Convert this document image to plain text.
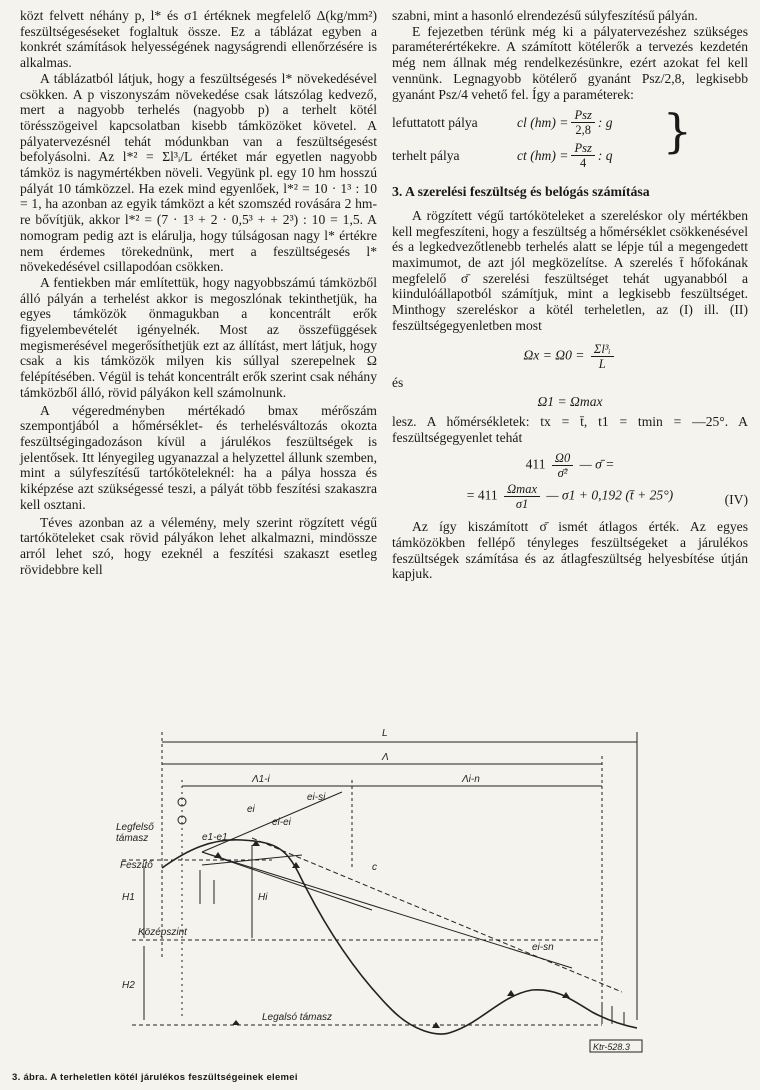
közt felvett néhány p, l* és σ1 értéknek megfelelő Δ(kg/mm²) feszültségeséseket foglaltuk össze. Ez a táblázat egyben a konkrét számítások helyességének nagyságrendi ellenőrzésére is alkalmas.

A táblázatból látjuk, hogy a feszültségesés l* növekedésével csökken. A p viszonyszám növekedése csak látszólag kedvező, mert a nagyobb terhelés (nagyobb p) a terhelt kötél törésszögeivel kapcsolatban kisebb támközöket követel. A pályatervezésnél tehát módunkban van a feszültségesést befolyásolni. Az l*² = Σl³ᵢ/L értéket már egyetlen nagyobb támköz is nagymértékben növeli. Vegyünk pl. egy 10 hm hosszú pályát 10 támközzel. Ha ezek mind egyenlőek, l*² = 10 · 1³ : 10 = 1, ha azonban az egyik támközt a két szomszéd rovására 2 hm-re bővítjük, akkor l*² = (7 · 1³ + 2 · 0,5³ + + 2³) : 10 = 1,5. A nomogram pedig azt is elárulja, hogy túlságosan nagy l* értékre nem érdemes törekednünk, mert a feszültségesés l* növekedésével csillapodóan csökken.

A fentiekben már említettük, hogy nagyobbszámú támközből álló pályán a terhelést akkor is megoszlónak tekinthetjük, ha egyes támközök önmagukban a koncentrált erők figyelembevételét igényelnék. Most az összefüggések megismerésével megerősíthetjük ezt az állítást, mert látjuk, hogy csak a kis támközök milyen kis súllyal szerepelnek Ω felépítésében. Végül is tehát koncentrált erők szerint csak néhány támközből álló, rövid pályákon kell számolnunk.

A végeredményben mértékadó bmax mérőszám szempontjából a hőmérséklet- és terhelésváltozás okozta feszültségingadozáson kívül a járulékos feszültségek is jelentősek. Itt lényegileg ugyanazzal a helyzettel állunk szemben, mint a súlyfeszítésű tartóköteleknél: ha a pálya hossza és kiképzése azt szükségessé teszi, a pályát több feszítési szakaszra kell osztani.

Téves azonban az a vélemény, mely szerint rögzített végű tartóköteleket csak rövid pályákon lehet alkalmazni, mindössze arról lehet szó, hogy ezeknél a feszítési szakaszt esetleg rövidebbre kell

szabni, mint a hasonló elrendezésű súlyfeszítésű pályán.

E fejezetben térünk még ki a pályatervezéshez szükséges paraméterértékekre. A számított kötélerők a tervezés kezdetén még nem állnak még rendelkezésünkre, ezért azokat fel kell vennünk. Legnagyobb kötélerő gyanánt Psz/2,8, legkisebb gyanánt Psz/4 vehető fel. Így a paraméterek:

lefuttatott pálya	cl $(hm) = \frac{\text{Psz}}{2,8}$ : g
terhelt pálya	ct $(hm) = \frac{\text{Psz}}{4}$ : q }
3. A szerelési feszültség és belógás számítása

A rögzített végű tartóköteleket a szereléskor oly mértékben kell megfeszíteni, hogy a feszültség a hőmérséklet csökkenésével és a legkedvezőtlenebb terhelés alatt se lépje túl a megengedett maximumot, de azt jól megközelítse. A szerelés t̄ hőfokának megfelelő σ̄ szerelési feszültséget tehát ugyanabból a kiindulóállapotból számítjuk, mint a legkisebb feszültséget. Minthogy szereléskor a kötél terheletlen, az (I) ill. (II) feszültségegyenletben most

$\Omega x = \Omega 0 = \frac{\text{Σl³ᵢ}}{L}$
és
Ω1 = Ωmax

lesz. A hőmérsékletek: tx = t̄, t1 = tmin = —25°. A feszültségegyenlet tehát

$411 \frac{\Omega 0}{\text{σ̄²}}$ — σ̄ =
= $411 \frac{\Omega\max}{\sigma 1}$ — σ1 + 0,192 (t̄ + 25°)	(IV)

Az így kiszámított σ̄ ismét átlagos érték. Az egyes támközökben fellépő tényleges feszültségeket a járulékos feszültségek számítása és az átlagfeszültség helyesbítése útján kapjuk.

L
Λ
Λ1-i	Λi-n
Legfelső támasz
Feszítő
Középszint
Legalsó támasz
H1
H2
Hi
e1-e1
ei-ei
ei
ei-si
c
ei-sn
Ktr-528.3
3. ábra. A terheletlen kötél járulékos feszültségeinek elemei
